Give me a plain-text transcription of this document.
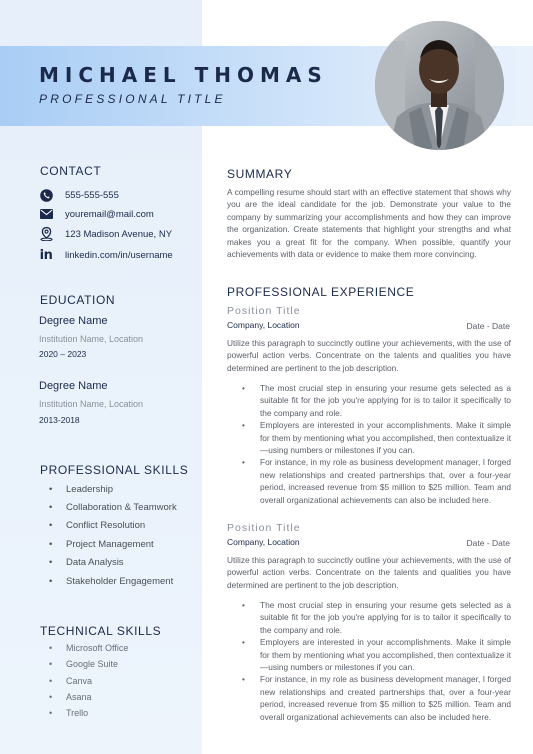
MICHAEL THOMAS
PROFESSIONAL TITLE
CONTACT
555-555-555
youremail@mail.com
123 Madison Avenue, NY
in linkedin.com/in/username
EDUCATION
Degree Name
Institution Name, Location
2020 – 2023
Degree Name
Institution Name, Location
2013-2018
PROFESSIONAL SKILLS
• Leadership
• Collaboration & Teamwork
• Conflict Resolution
• Project Management
• Data Analysis
• Stakeholder Engagement
TECHNICAL SKILLS
• Microsoft Office
• Google Suite
• Canva
• Asana
• Trello
SUMMARY
A compelling resume should start with an effective statement that shows why you are the ideal candidate for the job. Demonstrate your value to the company by summarizing your accomplishments and how they can improve the organization. Create statements that highlight your strengths and what makes you a great fit for the company. When possible, quantify your achievements with data or evidence to make them more convincing.
PROFESSIONAL EXPERIENCE
Position Title
Company, Location	Date - Date
Utilize this paragraph to succinctly outline your achievements, with the use of powerful action verbs. Concentrate on the talents and qualities you have determined are pertinent to the job description.
• The most crucial step in ensuring your resume gets selected as a suitable fit for the job you're applying for is to tailor it specifically to the company and role.
• Employers are interested in your accomplishments. Make it simple for them by mentioning what you accomplished, then contextualize it—using numbers or milestones if you can.
• For instance, in my role as business development manager, I forged new relationships and created partnerships that, over a four-year period, increased revenue from $5 million to $25 million. Team and overall organizational achievements can also be included here.
Position Title
Company, Location	Date - Date
Utilize this paragraph to succinctly outline your achievements, with the use of powerful action verbs. Concentrate on the talents and qualities you have determined are pertinent to the job description.
• The most crucial step in ensuring your resume gets selected as a suitable fit for the job you're applying for is to tailor it specifically to the company and role.
• Employers are interested in your accomplishments. Make it simple for them by mentioning what you accomplished, then contextualize it—using numbers or milestones if you can.
• For instance, in my role as business development manager, I forged new relationships and created partnerships that, over a four-year period, increased revenue from $5 million to $25 million. Team and overall organizational achievements can also be included here.
